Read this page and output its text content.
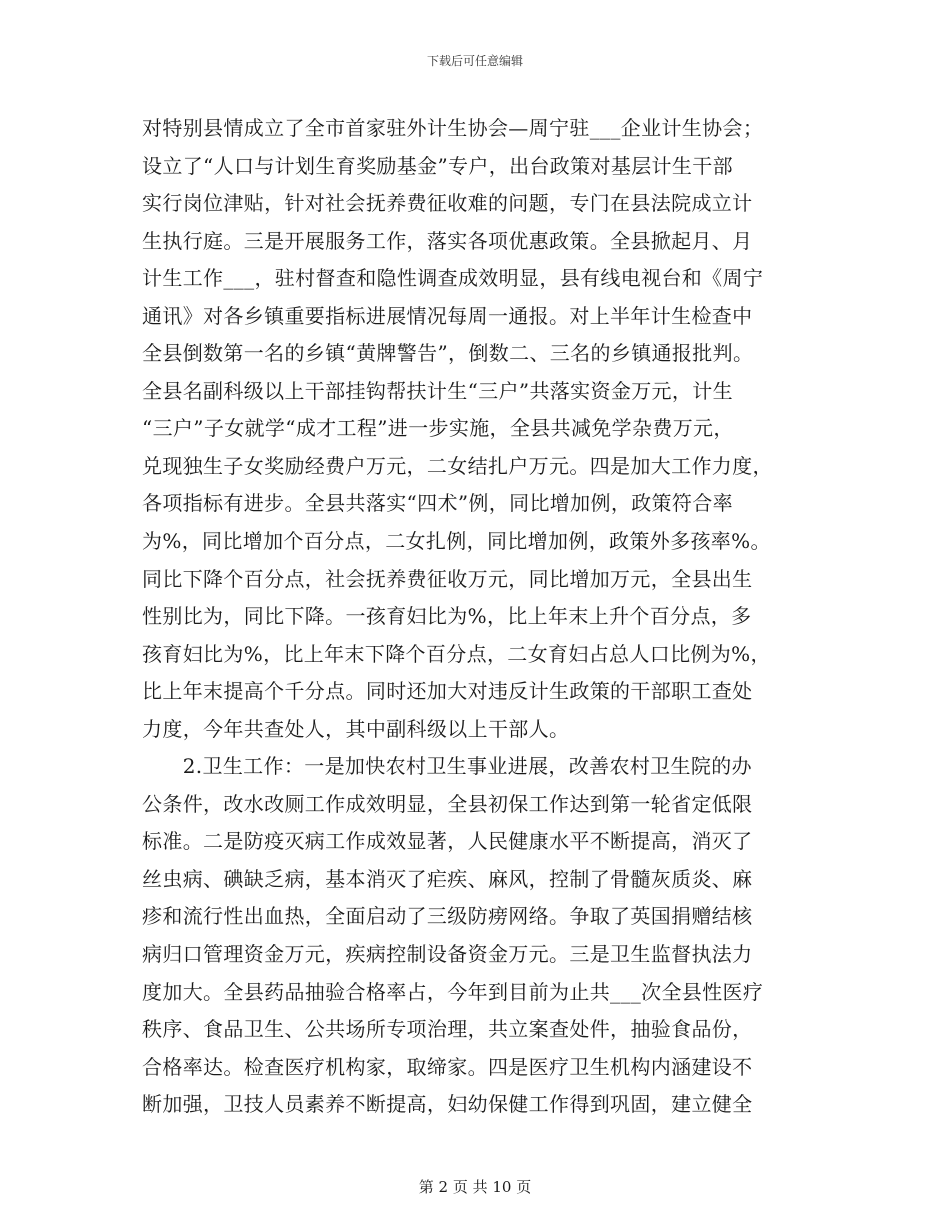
下载后可任意编辑
对特别县情成立了全市首家驻外计生协会—周宁驻___企业计生协会；
设立了“人口与计划生育奖励基金”专户，出台政策对基层计生干部
实行岗位津贴，针对社会抚养费征收难的问题，专门在县法院成立计
生执行庭。三是开展服务工作，落实各项优惠政策。全县掀起月、月
计生工作___，驻村督查和隐性调查成效明显，县有线电视台和《周宁
通讯》对各乡镇重要指标进展情况每周一通报。对上半年计生检查中
全县倒数第一名的乡镇“黄牌警告”，倒数二、三名的乡镇通报批判。
全县名副科级以上干部挂钩帮扶计生“三户”共落实资金万元，计生
“三户”子女就学“成才工程”进一步实施，全县共减免学杂费万元，
兑现独生子女奖励经费户万元，二女结扎户万元。四是加大工作力度，
各项指标有进步。全县共落实“四术”例，同比增加例，政策符合率
为%，同比增加个百分点，二女扎例，同比增加例，政策外多孩率%。
同比下降个百分点，社会抚养费征收万元，同比增加万元，全县出生
性别比为，同比下降。一孩育妇比为%，比上年末上升个百分点，多
孩育妇比为%，比上年末下降个百分点，二女育妇占总人口比例为%，
比上年末提高个千分点。同时还加大对违反计生政策的干部职工查处
力度，今年共查处人，其中副科级以上干部人。
　　2.卫生工作：一是加快农村卫生事业进展，改善农村卫生院的办
公条件，改水改厕工作成效明显，全县初保工作达到第一轮省定低限
标准。二是防疫灭病工作成效显著，人民健康水平不断提高，消灭了
丝虫病、碘缺乏病，基本消灭了疟疾、麻风，控制了骨髓灰质炎、麻
疹和流行性出血热，全面启动了三级防痨网络。争取了英国捐赠结核
病归口管理资金万元，疾病控制设备资金万元。三是卫生监督执法力
度加大。全县药品抽验合格率占，今年到目前为止共___次全县性医疗
秩序、食品卫生、公共场所专项治理，共立案查处件，抽验食品份，
合格率达。检查医疗机构家，取缔家。四是医疗卫生机构内涵建设不
断加强，卫技人员素养不断提高，妇幼保健工作得到巩固，建立健全
第 2 页 共 10 页
